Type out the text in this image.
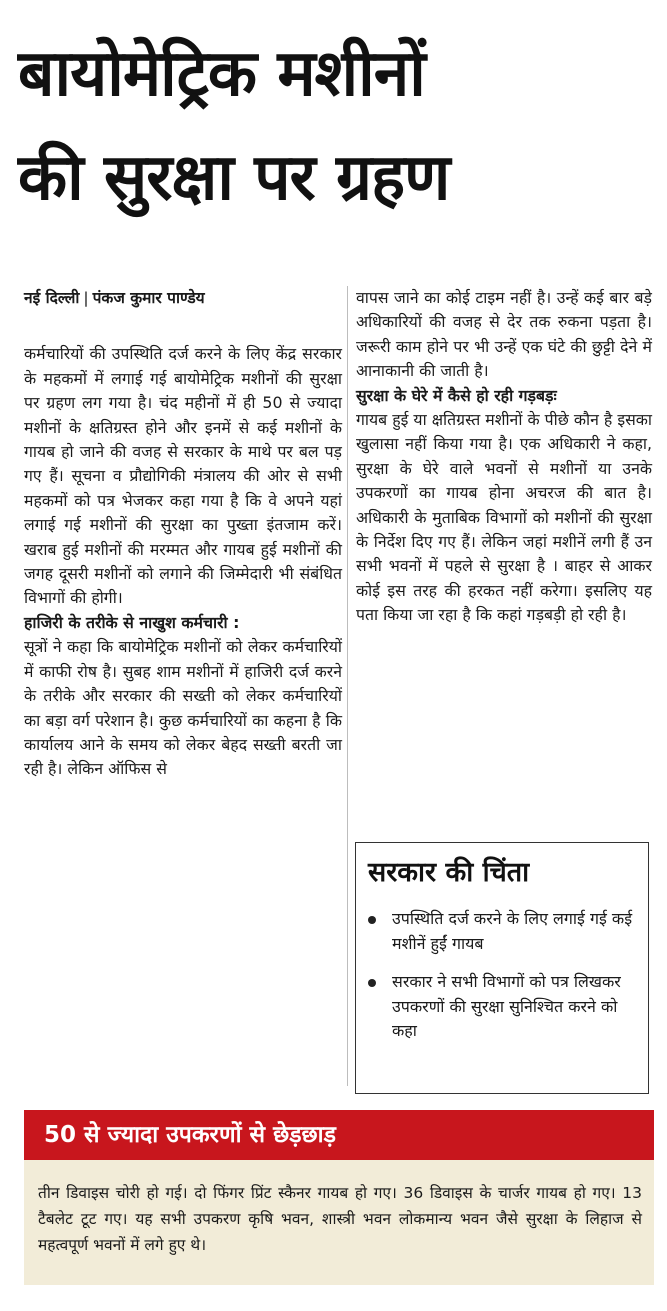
बायोमेट्रिक मशीनों
की सुरक्षा पर ग्रहण
नई दिल्ली | पंकज कुमार पाण्डेय

कर्मचारियों की उपस्थिति दर्ज करने के लिए केंद्र सरकार के महकमों में लगाई गई बायोमेट्रिक मशीनों की सुरक्षा पर ग्रहण लग गया है। चंद महीनों में ही 50 से ज्यादा मशीनों के क्षतिग्रस्त होने और इनमें से कई मशीनों के गायब हो जाने की वजह से सरकार के माथे पर बल पड़ गए हैं। सूचना व प्रौद्योगिकी मंत्रालय की ओर से सभी महकमों को पत्र भेजकर कहा गया है कि वे अपने यहां लगाई गई मशीनों की सुरक्षा का पुख्ता इंतजाम करें। खराब हुई मशीनों की मरम्मत और गायब हुई मशीनों की जगह दूसरी मशीनों को लगाने की जिम्मेदारी भी संबंधित विभागों की होगी।

हाजिरी के तरीके से नाखुश कर्मचारी :

सूत्रों ने कहा कि बायोमेट्रिक मशीनों को लेकर कर्मचारियों में काफी रोष है। सुबह शाम मशीनों में हाजिरी दर्ज करने के तरीके और सरकार की सख्ती को लेकर कर्मचारियों का बड़ा वर्ग परेशान है। कुछ कर्मचारियों का कहना है कि कार्यालय आने के समय को लेकर बेहद सख्ती बरती जा रही है। लेकिन ऑफिस से

वापस जाने का कोई टाइम नहीं है। उन्हें कई बार बड़े अधिकारियों की वजह से देर तक रुकना पड़ता है। जरूरी काम होने पर भी उन्हें एक घंटे की छुट्टी देने में आनाकानी की जाती है।

सुरक्षा के घेरे में कैसे हो रही गड़बड़ः

गायब हुई या क्षतिग्रस्त मशीनों के पीछे कौन है इसका खुलासा नहीं किया गया है। एक अधिकारी ने कहा, सुरक्षा के घेरे वाले भवनों से मशीनों या उनके उपकरणों का गायब होना अचरज की बात है। अधिकारी के मुताबिक विभागों को मशीनों की सुरक्षा के निर्देश दिए गए हैं। लेकिन जहां मशीनें लगी हैं उन सभी भवनों में पहले से सुरक्षा है । बाहर से आकर कोई इस तरह की हरकत नहीं करेगा। इसलिए यह पता किया जा रहा है कि कहां गड़बड़ी हो रही है।

सरकार की चिंता
उपस्थिति दर्ज करने के लिए लगाई गई कई मशीनें हुईं गायब
सरकार ने सभी विभागों को पत्र लिखकर उपकरणों की सुरक्षा सुनिश्चित करने को कहा
50 से ज्यादा उपकरणों से छेड़छाड़
तीन डिवाइस चोरी हो गई। दो फिंगर प्रिंट स्कैनर गायब हो गए। 36 डिवाइस के चार्जर गायब हो गए। 13 टैबलेट टूट गए। यह सभी उपकरण कृषि भवन, शास्त्री भवन लोकमान्य भवन जैसे सुरक्षा के लिहाज से महत्वपूर्ण भवनों में लगे हुए थे।
